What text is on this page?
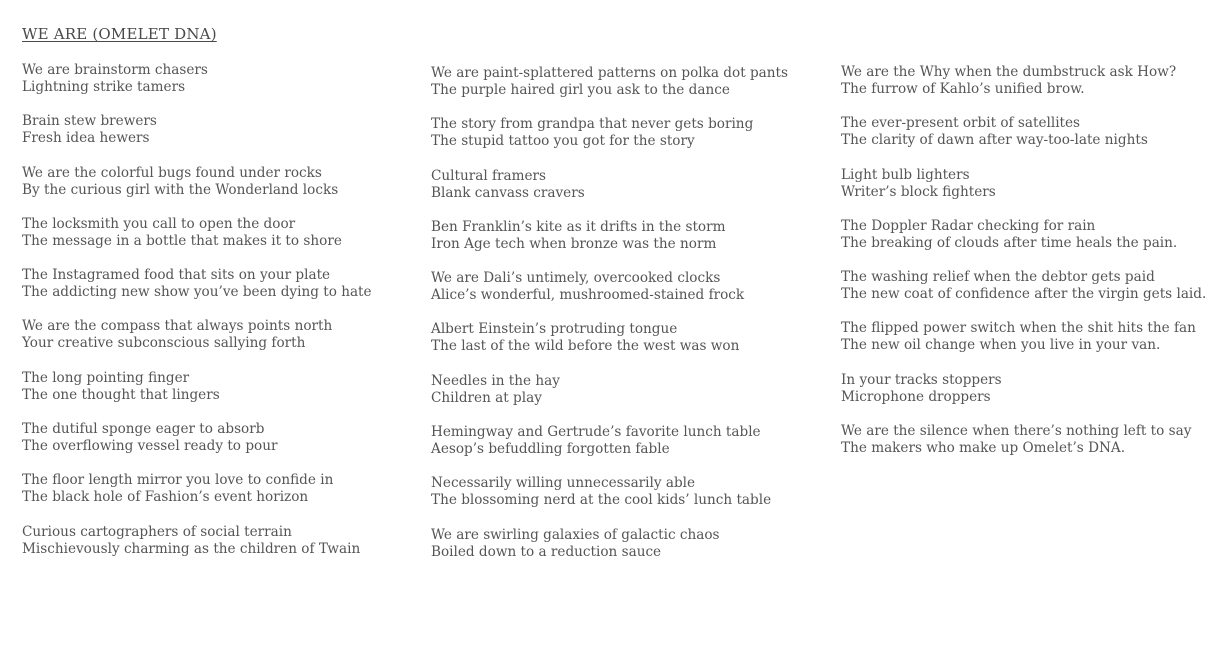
WE ARE (OMELET DNA)
We are brainstorm chasers
Lightning strike tamers
Brain stew brewers
Fresh idea hewers
We are the colorful bugs found under rocks
By the curious girl with the Wonderland locks
The locksmith you call to open the door
The message in a bottle that makes it to shore
The Instagramed food that sits on your plate
The addicting new show you’ve been dying to hate
We are the compass that always points north
Your creative subconscious sallying forth
The long pointing finger
The one thought that lingers
The dutiful sponge eager to absorb
The overflowing vessel ready to pour
The floor length mirror you love to confide in
The black hole of Fashion’s event horizon
Curious cartographers of social terrain
Mischievously charming as the children of Twain
We are paint-splattered patterns on polka dot pants
The purple haired girl you ask to the dance
The story from grandpa that never gets boring
The stupid tattoo you got for the story
Cultural framers
Blank canvass cravers
Ben Franklin’s kite as it drifts in the storm
Iron Age tech when bronze was the norm
We are Dali’s untimely, overcooked clocks
Alice’s wonderful, mushroomed-stained frock
Albert Einstein’s protruding tongue
The last of the wild before the west was won
Needles in the hay
Children at play
Hemingway and Gertrude’s favorite lunch table
Aesop’s befuddling forgotten fable
Necessarily willing unnecessarily able
The blossoming nerd at the cool kids’ lunch table
We are swirling galaxies of galactic chaos
Boiled down to a reduction sauce
We are the Why when the dumbstruck ask How?
The furrow of Kahlo’s unified brow.
The ever-present orbit of satellites
The clarity of dawn after way-too-late nights
Light bulb lighters
Writer’s block fighters
The Doppler Radar checking for rain
The breaking of clouds after time heals the pain.
The washing relief when the debtor gets paid
The new coat of confidence after the virgin gets laid.
The flipped power switch when the shit hits the fan
The new oil change when you live in your van.
In your tracks stoppers
Microphone droppers
We are the silence when there’s nothing left to say
The makers who make up Omelet’s DNA.
